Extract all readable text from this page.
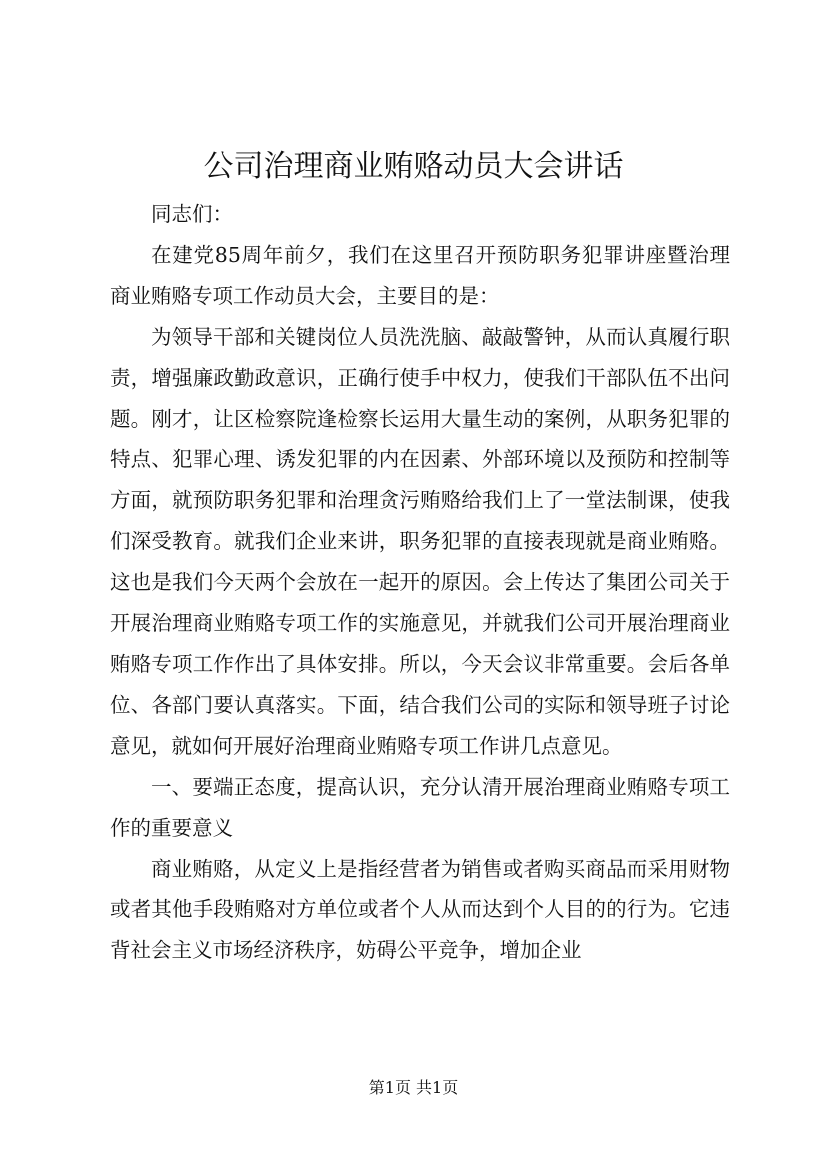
公司治理商业贿赂动员大会讲话

同志们：

在建党85周年前夕，我们在这里召开预防职务犯罪讲座暨治理商业贿赂专项工作动员大会，主要目的是：

为领导干部和关键岗位人员洗洗脑、敲敲警钟，从而认真履行职责，增强廉政勤政意识，正确行使手中权力，使我们干部队伍不出问题。刚才，让区检察院逢检察长运用大量生动的案例，从职务犯罪的特点、犯罪心理、诱发犯罪的内在因素、外部环境以及预防和控制等方面，就预防职务犯罪和治理贪污贿赂给我们上了一堂法制课，使我们深受教育。就我们企业来讲，职务犯罪的直接表现就是商业贿赂。这也是我们今天两个会放在一起开的原因。会上传达了集团公司关于开展治理商业贿赂专项工作的实施意见，并就我们公司开展治理商业贿赂专项工作作出了具体安排。所以，今天会议非常重要。会后各单位、各部门要认真落实。下面，结合我们公司的实际和领导班子讨论意见，就如何开展好治理商业贿赂专项工作讲几点意见。

一、要端正态度，提高认识，充分认清开展治理商业贿赂专项工作的重要意义

商业贿赂，从定义上是指经营者为销售或者购买商品而采用财物或者其他手段贿赂对方单位或者个人从而达到个人目的的行为。它违背社会主义市场经济秩序，妨碍公平竞争，增加企业

第1页 共1页
